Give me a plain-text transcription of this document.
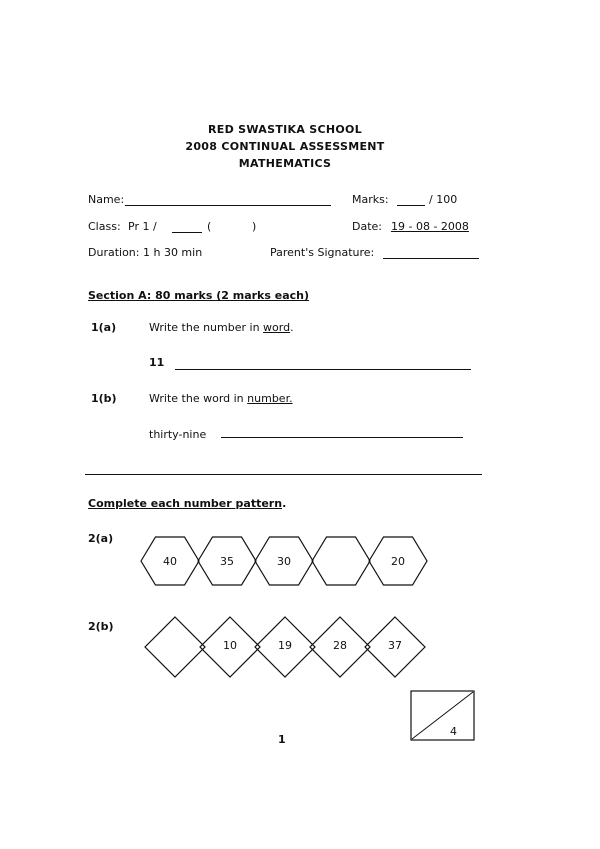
RED SWASTIKA SCHOOL
2008 CONTINUAL ASSESSMENT
MATHEMATICS
Name:	Marks:	/ 100
Class: Pr 1 /	(	)	Date: 19 - 08 - 2008
Duration: 1 h 30 min	Parent's Signature:
Section A: 80 marks (2 marks each)
1(a)	Write the number in word.
11
1(b)	Write the word in number.
thirty-nine
Complete each number pattern.
2(a)
40	35	30	20
2(b)
10	19	28	37
4
1
